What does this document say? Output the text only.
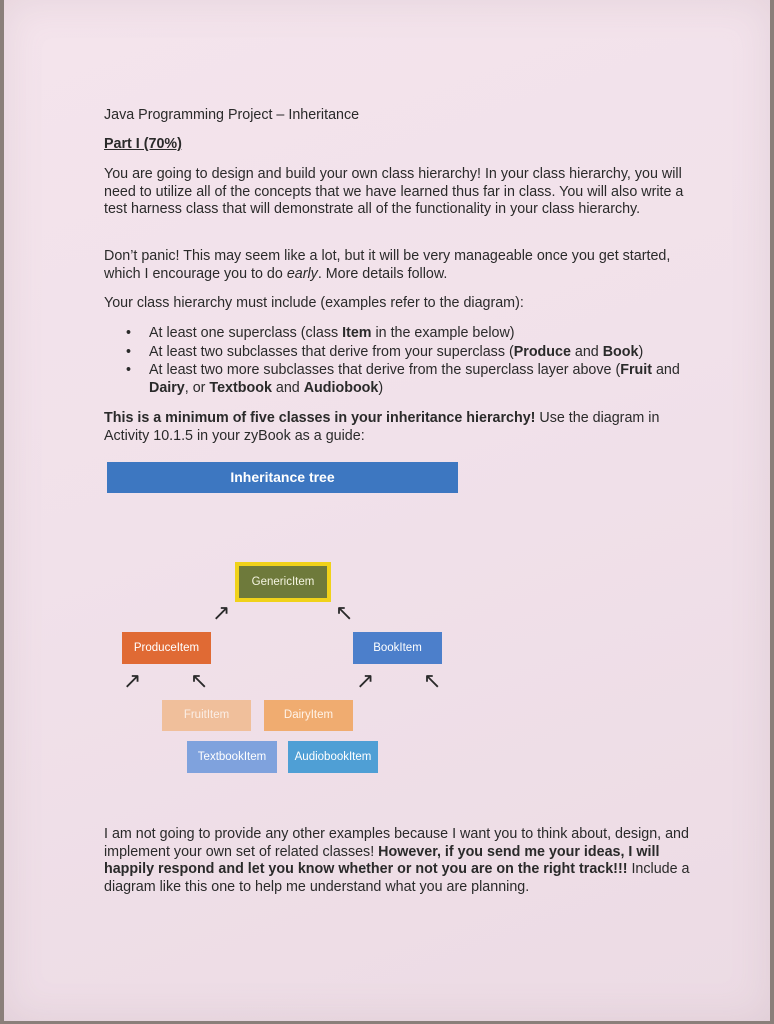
Java Programming Project – Inheritance
Part I (70%)
You are going to design and build your own class hierarchy! In your class hierarchy, you will need to utilize all of the concepts that we have learned thus far in class. You will also write a test harness class that will demonstrate all of the functionality in your class hierarchy.
Don’t panic! This may seem like a lot, but it will be very manageable once you get started, which I encourage you to do early. More details follow.
Your class hierarchy must include (examples refer to the diagram):
• At least one superclass (class Item in the example below)
• At least two subclasses that derive from your superclass (Produce and Book)
• At least two more subclasses that derive from the superclass layer above (Fruit and Dairy, or Textbook and Audiobook)
This is a minimum of five classes in your inheritance hierarchy! Use the diagram in Activity 10.1.5 in your zyBook as a guide:
Inheritance tree
GenericItem
↗	↖
ProduceItem	BookItem
↗ ↖	↗ ↖
FruitItem	DairyItem
TextbookItem	AudiobookItem
I am not going to provide any other examples because I want you to think about, design, and implement your own set of related classes! However, if you send me your ideas, I will happily respond and let you know whether or not you are on the right track!!! Include a diagram like this one to help me understand what you are planning.
